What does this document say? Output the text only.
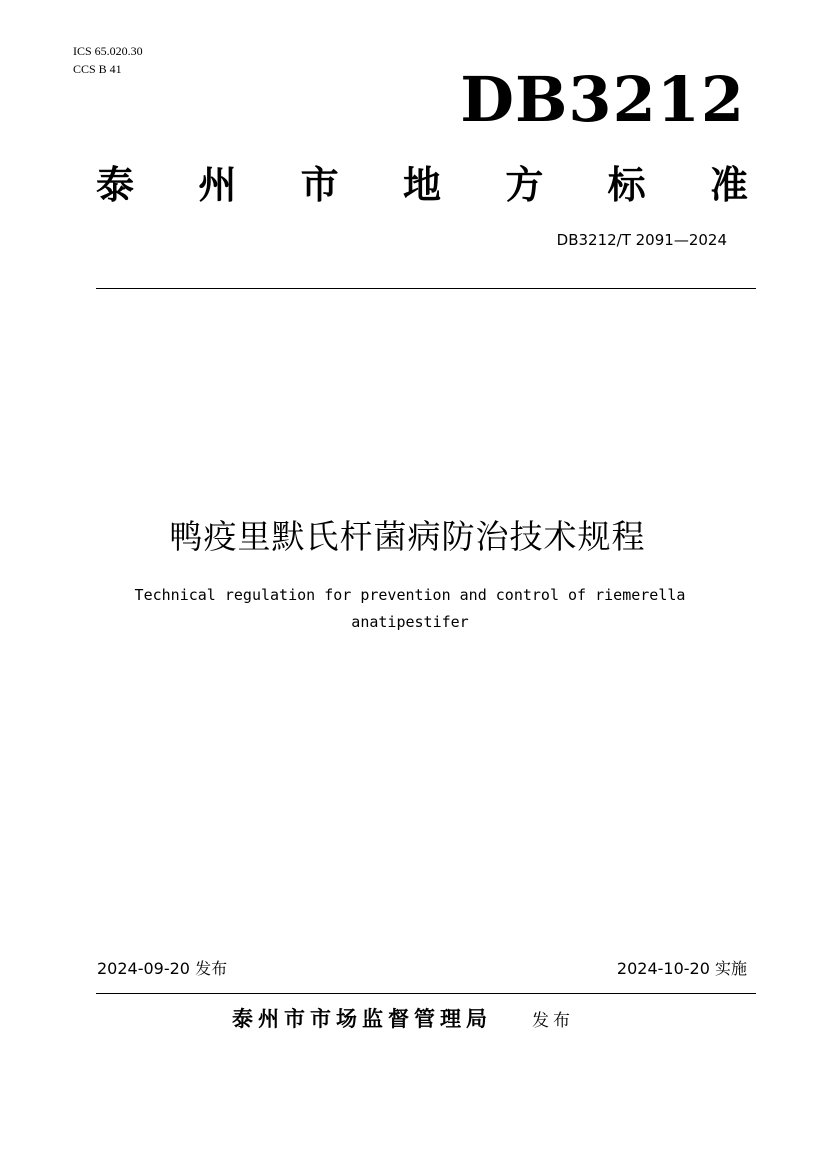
ICS 65.020.30
CCS B 41	DB3212
泰 州 市 地 方 标 准
DB3212/T 2091—2024
鸭疫里默氏杆菌病防治技术规程
Technical regulation for prevention and control of riemerella anatipestifer
2024-09-20 发布	2024-10-20 实施
泰州市市场监督管理局 发布
